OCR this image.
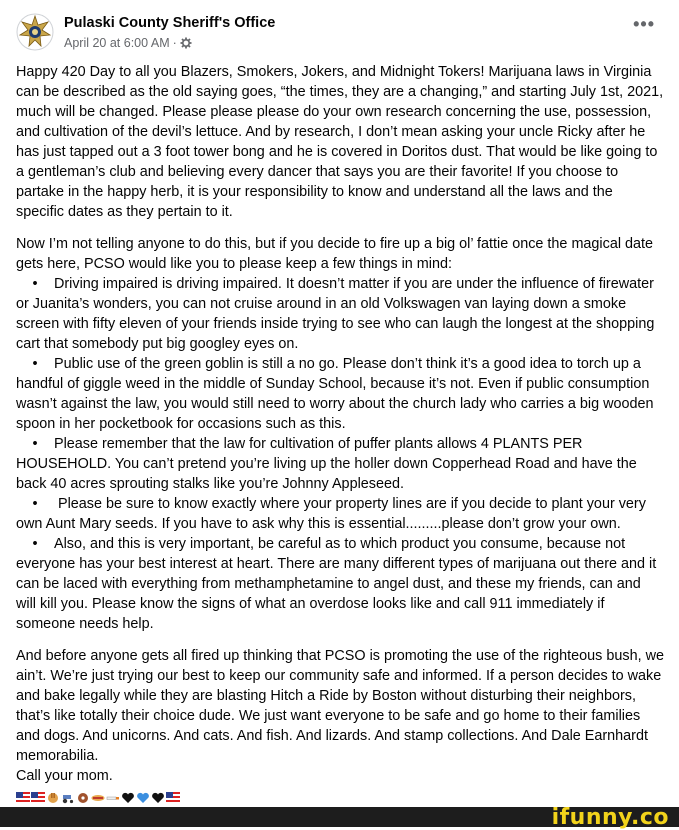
Pulaski County Sheriff's Office
April 20 at 6:00 AM ·
•••

Happy 420 Day to all you Blazers, Smokers, Jokers, and Midnight Tokers! Marijuana laws in Virginia can be described as the old saying goes, “the times, they are a changing,” and starting July 1st, 2021, much will be changed. Please please please do your own research concerning the use, possession, and cultivation of the devil’s lettuce. And by research, I don’t mean asking your uncle Ricky after he has just tapped out a 3 foot tower bong and he is covered in Doritos dust. That would be like going to a gentleman’s club and believing every dancer that says you are their favorite! If you choose to partake in the happy herb, it is your responsibility to know and understand all the laws and the specific dates as they pertain to it.

Now I’m not telling anyone to do this, but if you decide to fire up a big ol’ fattie once the magical date gets here, PCSO would like you to please keep a few things in mind:

• Driving impaired is driving impaired. It doesn’t matter if you are under the influence of firewater or Juanita’s wonders, you can not cruise around in an old Volkswagen van laying down a smoke screen with fifty eleven of your friends inside trying to see who can laugh the longest at the shopping cart that somebody put big googley eyes on.
• Public use of the green goblin is still a no go. Please don’t think it’s a good idea to torch up a handful of giggle weed in the middle of Sunday School, because it’s not. Even if public consumption wasn’t against the law, you would still need to worry about the church lady who carries a big wooden spoon in her pocketbook for occasions such as this.
• Please remember that the law for cultivation of puffer plants allows 4 PLANTS PER HOUSEHOLD. You can’t pretend you’re living up the holler down Copperhead Road and have the back 40 acres sprouting stalks like you’re Johnny Appleseed.
• Please be sure to know exactly where your property lines are if you decide to plant your very own Aunt Mary seeds. If you have to ask why this is essential.........please don’t grow your own.
• Also, and this is very important, be careful as to which product you consume, because not everyone has your best interest at heart. There are many different types of marijuana out there and it can be laced with everything from methamphetamine to angel dust, and these my friends, can and will kill you. Please know the signs of what an overdose looks like and call 911 immediately if someone needs help.

And before anyone gets all fired up thinking that PCSO is promoting the use of the righteous bush, we ain’t. We’re just trying our best to keep our community safe and informed. If a person decides to wake and bake legally while they are blasting Hitch a Ride by Boston without disturbing their neighbors, that’s like totally their choice dude. We just want everyone to be safe and go home to their families and dogs. And unicorns. And cats. And fish. And lizards. And stamp collections. And Dale Earnhardt memorabilia.

Call your mom.

ifunny.co
